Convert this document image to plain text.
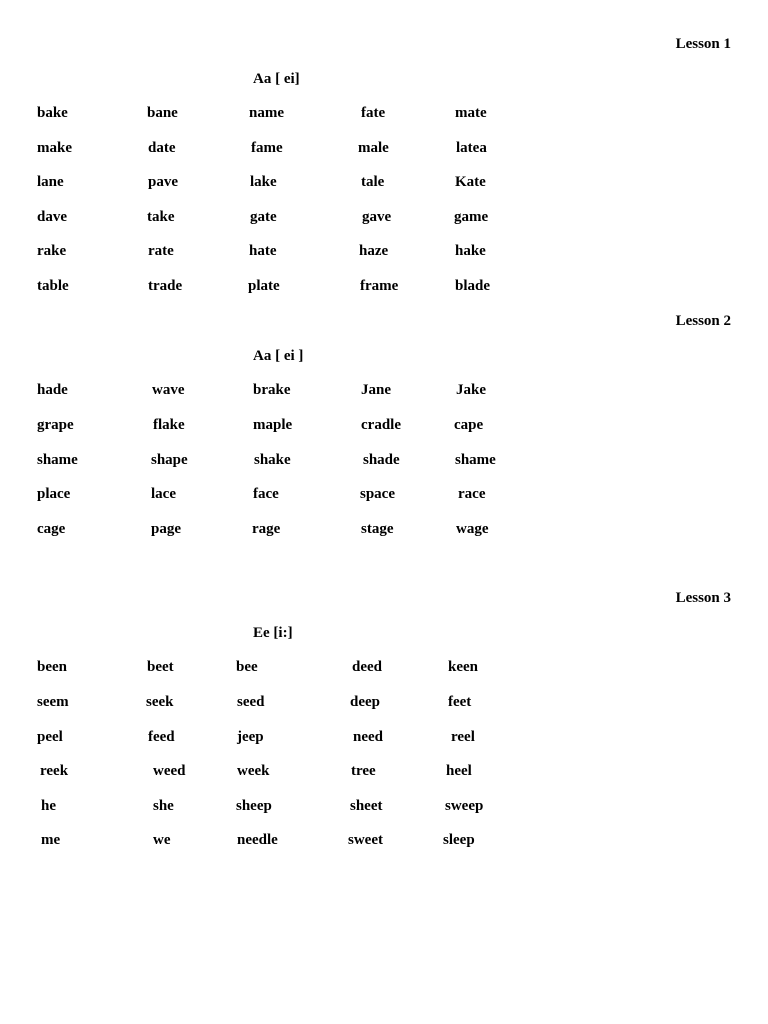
Lesson 1
Aa [ ei]
bake	bane	name	fate	mate
make	date	fame	male	latea
lane	pave	lake	tale	Kate
dave	take	gate	gave	game
rake	rate	hate	haze	hake
table	trade	plate	frame	blade
Lesson 2
Aa [ ei ]
hade	wave	brake	Jane	Jake
grape	flake	maple	cradle	cape
shame	shape	shake	shade	shame
place	lace	face	space	race
cage	page	rage	stage	wage
Lesson 3
Ee [i:]
been	beet	bee	deed	keen
seem	seek	seed	deep	feet
peel	feed	jeep	need	reel
reek	weed	week	tree	heel
he	she	sheep	sheet	sweep
me	we	needle	sweet	sleep
